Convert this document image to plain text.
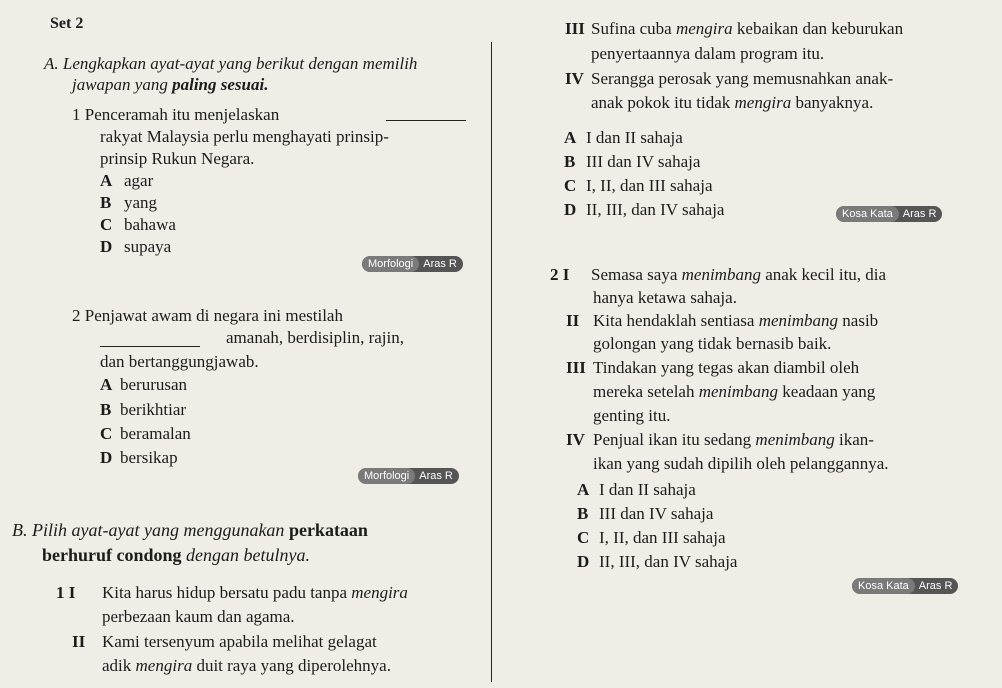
Set 2
A. Lengkapkan ayat-ayat yang berikut dengan memilih
jawapan yang paling sesuai.
1 Penceramah itu menjelaskan
rakyat Malaysia perlu menghayati prinsip-
prinsip Rukun Negara.
A agar
B yang
C bahawa
D supaya
Morfologi Aras R
2 Penjawat awam di negara ini mestilah
amanah, berdisiplin, rajin,
dan bertanggungjawab.
A berurusan
B berikhtiar
C beramalan
D bersikap
Morfologi Aras R
B. Pilih ayat-ayat yang menggunakan perkataan
berhuruf condong dengan betulnya.
1 I Kita harus hidup bersatu padu tanpa mengira
perbezaan kaum dan agama.
II Kami tersenyum apabila melihat gelagat
adik mengira duit raya yang diperolehnya.
III Sufina cuba mengira kebaikan dan keburukan
penyertaannya dalam program itu.
IV Serangga perosak yang memusnahkan anak-
anak pokok itu tidak mengira banyaknya.
A I dan II sahaja
B III dan IV sahaja
C I, II, dan III sahaja
D II, III, dan IV sahaja	Kosa Kata Aras R
2 I Semasa saya menimbang anak kecil itu, dia
hanya ketawa sahaja.
II Kita hendaklah sentiasa menimbang nasib
golongan yang tidak bernasib baik.
III Tindakan yang tegas akan diambil oleh
mereka setelah menimbang keadaan yang
genting itu.
IV Penjual ikan itu sedang menimbang ikan-
ikan yang sudah dipilih oleh pelanggannya.
A I dan II sahaja
B III dan IV sahaja
C I, II, dan III sahaja
D II, III, dan IV sahaja
Kosa Kata Aras R
